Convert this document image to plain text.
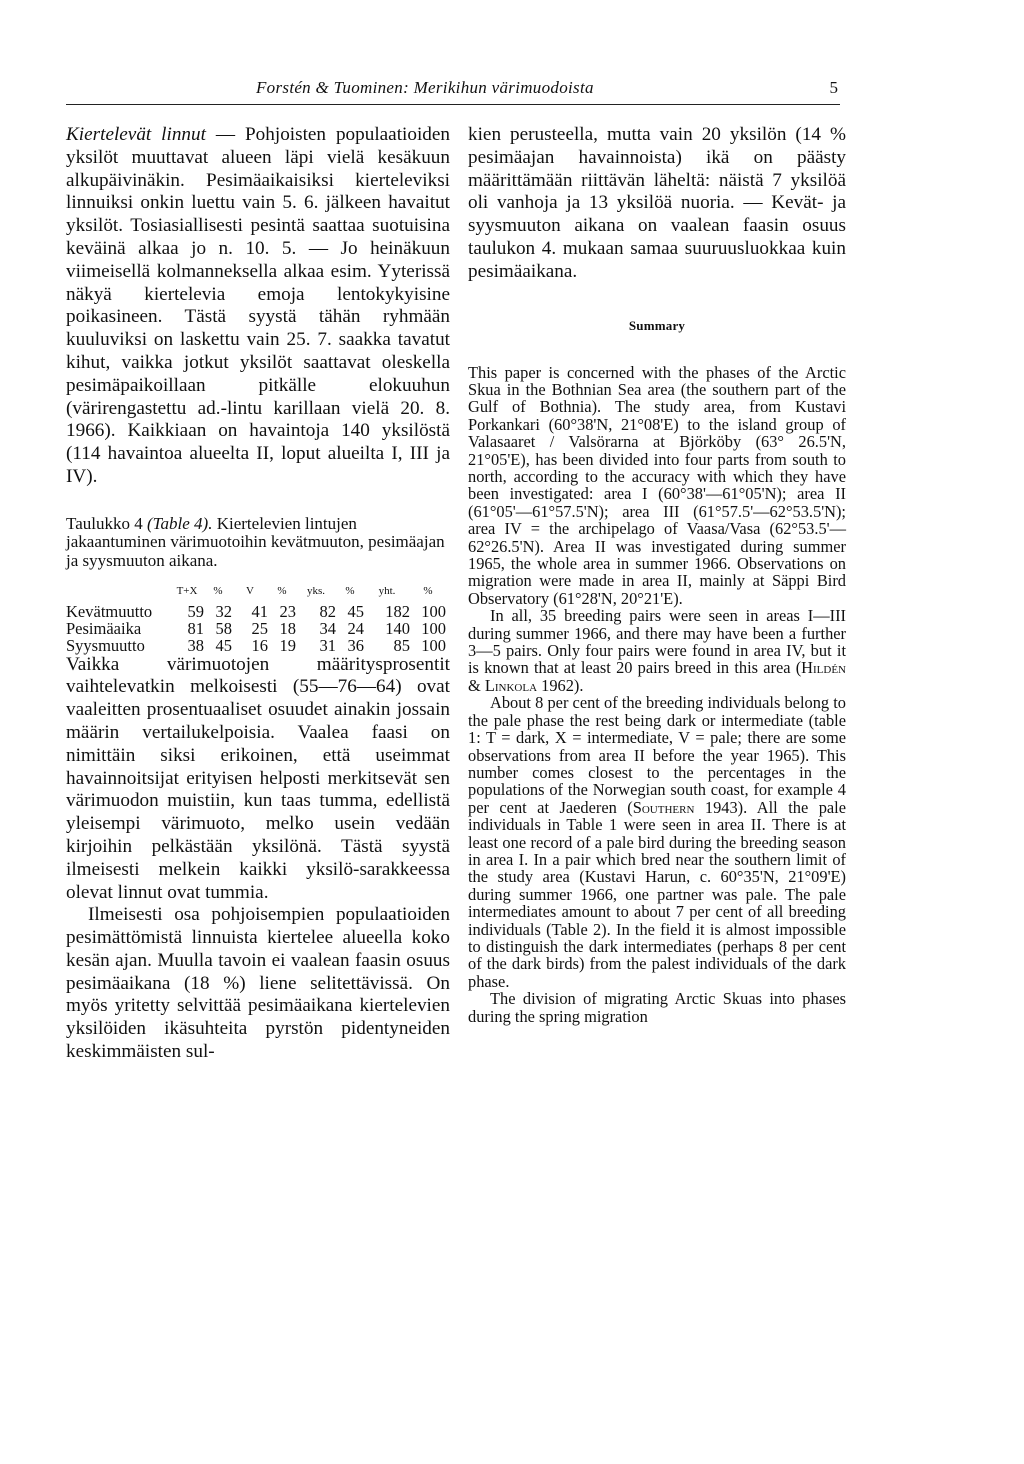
Forstén & Tuominen: Merikihun värimuodoista	5

Kiertelevät linnut — Pohjoisten populaatioiden yksilöt muuttavat alueen läpi vielä kesäkuun alkupäivinäkin. Pesimäaikaisiksi kierteleviksi linnuiksi onkin luettu vain 5. 6. jälkeen havaitut yksilöt. Tosiasiallisesti pesintä saattaa suotuisina keväinä alkaa jo n. 10. 5. — Jo heinäkuun viimeisellä kolmanneksella alkaa esim. Yyterissä näkyä kiertelevia emoja lentokykyisine poikasineen. Tästä syystä tähän ryhmään kuuluviksi on laskettu vain 25. 7. saakka tavatut kihut, vaikka jotkut yksilöt saattavat oleskella pesimäpaikoillaan pitkälle elokuuhun (värirengastettu ad.-lintu karillaan vielä 20. 8. 1966). Kaikkiaan on havaintoja 140 yksilöstä (114 havaintoa alueelta II, loput alueilta I, III ja IV).

Taulukko 4 (Table 4). Kiertelevien lintujen jakaantuminen värimuotoihin kevätmuuton, pesimäajan ja syysmuuton aikana.
	T+X	%	V	%	yks.	%	yht.	%
Kevätmuutto	59	32	41	23	82	45	182	100
Pesimäaika	81	58	25	18	34	24	140	100
Syysmuutto	38	45	16	19	31	36	85	100

Vaikka värimuotojen määritysprosentit vaihtelevatkin melkoisesti (55—76—64) ovat vaaleitten prosentuaaliset osuudet ainakin jossain määrin vertailukelpoisia. Vaalea faasi on nimittäin siksi erikoinen, että useimmat havainnoitsijat erityisen helposti merkitsevät sen värimuodon muistiin, kun taas tumma, edellistä yleisempi värimuoto, melko usein vedään kirjoihin pelkästään yksilönä. Tästä syystä ilmeisesti melkein kaikki yksilö-sarakkeessa olevat linnut ovat tummia.

Ilmeisesti osa pohjoisempien populaatioiden pesimättömistä linnuista kiertelee alueella koko kesän ajan. Muulla tavoin ei vaalean faasin osuus pesimäaikana (18 %) liene selitettävissä. On myös yritetty selvittää pesimäaikana kiertelevien yksilöiden ikäsuhteita pyrstön pidentyneiden keskimmäisten sul-

kien perusteella, mutta vain 20 yksilön (14 % pesimäajan havainnoista) ikä on päästy määrittämään riittävän läheltä: näistä 7 yksilöä oli vanhoja ja 13 yksilöä nuoria. — Kevät- ja syysmuuton aikana on vaalean faasin osuus taulukon 4. mukaan samaa suuruusluokkaa kuin pesimäaikana.

Summary

This paper is concerned with the phases of the Arctic Skua in the Bothnian Sea area (the southern part of the Gulf of Bothnia). The study area, from Kustavi Porkankari (60°38'N, 21°08'E) to the island group of Valasaaret / Valsörarna at Björköby (63° 26.5'N, 21°05'E), has been divided into four parts from south to north, according to the accuracy with which they have been investigated: area I (60°38'—61°05'N); area II (61°05'—61°57.5'N); area III (61°57.5'—62°53.5'N); area IV = the archipelago of Vaasa/Vasa (62°53.5'—62°26.5'N). Area II was investigated during summer 1965, the whole area in summer 1966. Observations on migration were made in area II, mainly at Säppi Bird Observatory (61°28'N, 20°21'E).

In all, 35 breeding pairs were seen in areas I—III during summer 1966, and there may have been a further 3—5 pairs. Only four pairs were found in area IV, but it is known that at least 20 pairs breed in this area (Hildén & Linkola 1962).

About 8 per cent of the breeding individuals belong to the pale phase the rest being dark or intermediate (table 1: T = dark, X = intermediate, V = pale; there are some observations from area II before the year 1965). This number comes closest to the percentages in the populations of the Norwegian south coast, for example 4 per cent at Jaederen (Southern 1943). All the pale individuals in Table 1 were seen in area II. There is at least one record of a pale bird during the breeding season in area I. In a pair which bred near the southern limit of the study area (Kustavi Harun, c. 60°35'N, 21°09'E) during summer 1966, one partner was pale. The pale intermediates amount to about 7 per cent of all breeding individuals (Table 2). In the field it is almost impossible to distinguish the dark intermediates (perhaps 8 per cent of the dark birds) from the palest individuals of the dark phase.

The division of migrating Arctic Skuas into phases during the spring migration
